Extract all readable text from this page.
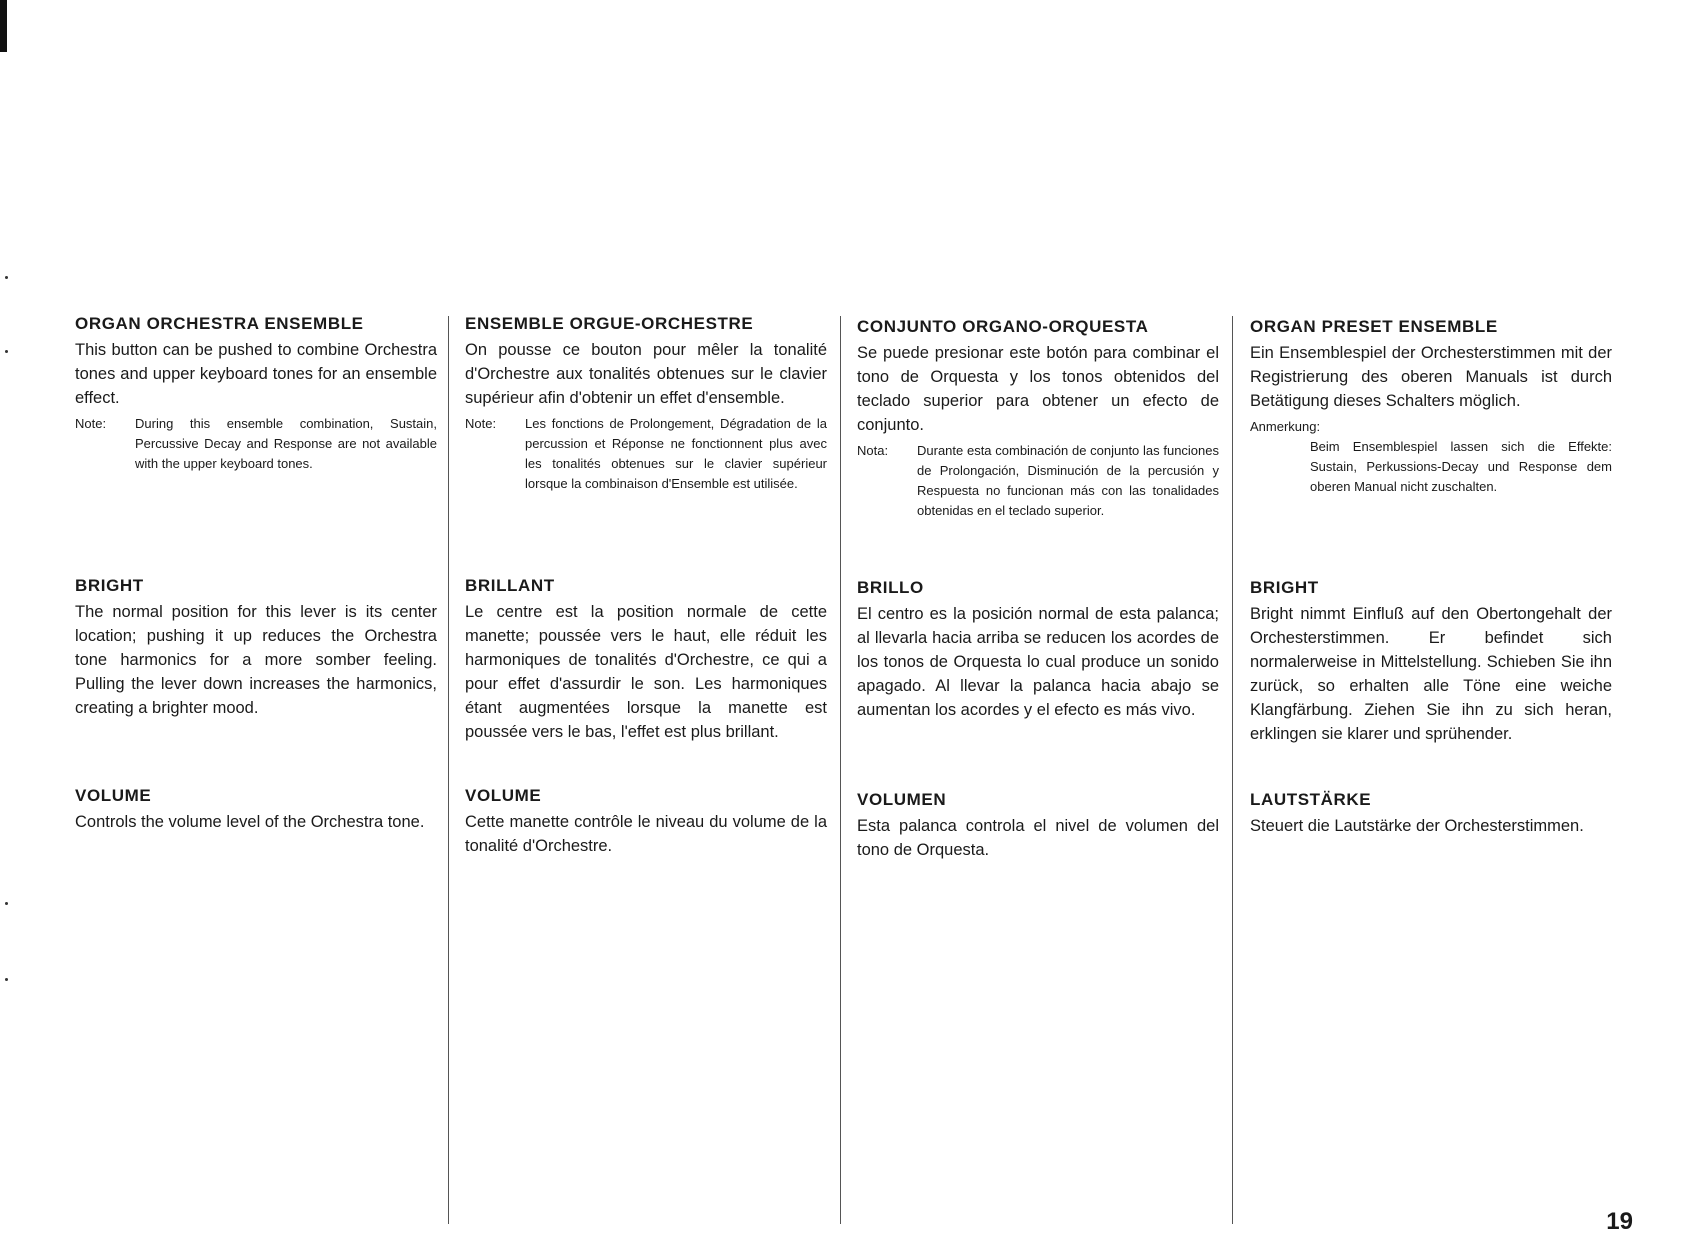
ORGAN ORCHESTRA ENSEMBLE

This button can be pushed to combine Orchestra tones and upper keyboard tones for an ensemble effect.

Note:	During this ensemble combination, Sustain, Percussive Decay and Response are not available with the upper keyboard tones.
BRIGHT

The normal position for this lever is its center location; pushing it up reduces the Orchestra tone harmonics for a more somber feeling. Pulling the lever down increases the harmonics, creating a brighter mood.

VOLUME

Controls the volume level of the Orchestra tone.

ENSEMBLE ORGUE-ORCHESTRE

On pousse ce bouton pour mêler la tonalité d'Orchestre aux tonalités obtenues sur le clavier supérieur afin d'obtenir un effet d'ensemble.

Note:	Les fonctions de Prolongement, Dégradation de la percussion et Réponse ne fonctionnent plus avec les tonalités obtenues sur le clavier supérieur lorsque la combinaison d'Ensemble est utilisée.
BRILLANT

Le centre est la position normale de cette manette; poussée vers le haut, elle réduit les harmoniques de tonalités d'Orchestre, ce qui a pour effet d'assurdir le son. Les harmoniques étant augmentées lorsque la manette est poussée vers le bas, l'effet est plus brillant.

VOLUME

Cette manette contrôle le niveau du volume de la tonalité d'Orchestre.

CONJUNTO ORGANO-ORQUESTA

Se puede presionar este botón para combinar el tono de Orquesta y los tonos obtenidos del teclado superior para obtener un efecto de conjunto.

Nota:	Durante esta combinación de conjunto las funciones de Prolongación, Disminución de la percusión y Respuesta no funcionan más con las tonalidades obtenidas en el teclado superior.
BRILLO

El centro es la posición normal de esta palanca; al llevarla hacia arriba se reducen los acordes de los tonos de Orquesta lo cual produce un sonido apagado. Al llevar la palanca hacia abajo se aumentan los acordes y el efecto es más vivo.

VOLUMEN

Esta palanca controla el nivel de volumen del tono de Orquesta.

ORGAN PRESET ENSEMBLE

Ein Ensemblespiel der Orchesterstimmen mit der Registrierung des oberen Manuals ist durch Betätigung dieses Schalters möglich.

Anmerkung:
Beim Ensemblespiel lassen sich die Effekte: Sustain, Perkussions-Decay und Response dem oberen Manual nicht zuschalten.
BRIGHT

Bright nimmt Einfluß auf den Obertongehalt der Orchesterstimmen. Er befindet sich normalerweise in Mittelstellung. Schieben Sie ihn zurück, so erhalten alle Töne eine weiche Klangfärbung. Ziehen Sie ihn zu sich heran, erklingen sie klarer und sprühender.

LAUTSTÄRKE

Steuert die Lautstärke der Orchesterstimmen.

19
